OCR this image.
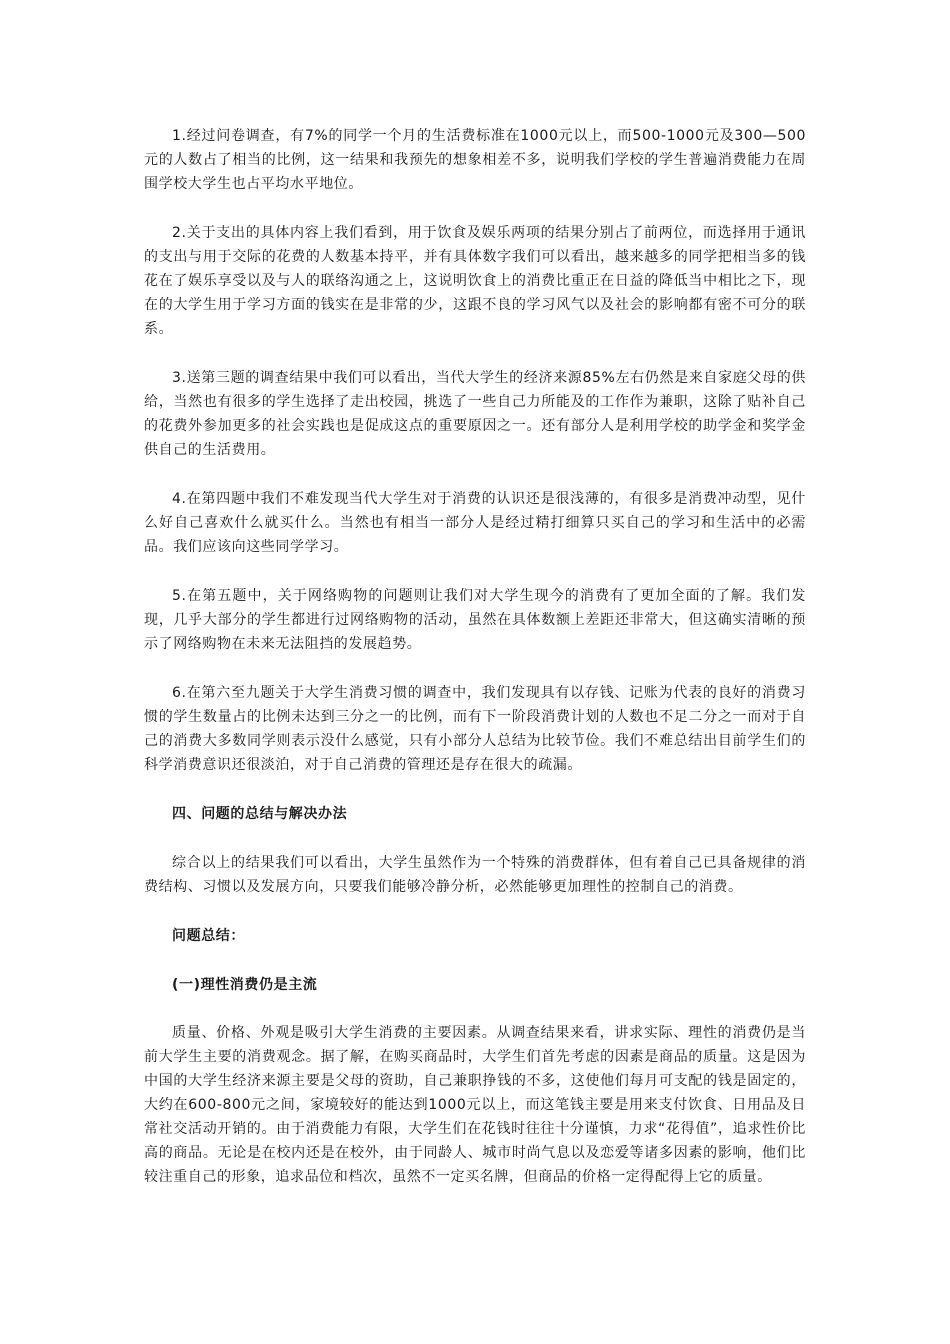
1.经过问卷调查，有7%的同学一个月的生活费标准在1000元以上，而500-1000元及300—500元的人数占了相当的比例，这一结果和我预先的想象相差不多，说明我们学校的学生普遍消费能力在周围学校大学生也占平均水平地位。

2.关于支出的具体内容上我们看到，用于饮食及娱乐两项的结果分别占了前两位，而选择用于通讯的支出与用于交际的花费的人数基本持平，并有具体数字我们可以看出，越来越多的同学把相当多的钱花在了娱乐享受以及与人的联络沟通之上，这说明饮食上的消费比重正在日益的降低当中相比之下，现在的大学生用于学习方面的钱实在是非常的少，这跟不良的学习风气以及社会的影响都有密不可分的联系。

3.送第三题的调查结果中我们可以看出，当代大学生的经济来源85%左右仍然是来自家庭父母的供给，当然也有很多的学生选择了走出校园，挑选了一些自己力所能及的工作作为兼职，这除了贴补自己的花费外参加更多的社会实践也是促成这点的重要原因之一。还有部分人是利用学校的助学金和奖学金供自己的生活费用。

4.在第四题中我们不难发现当代大学生对于消费的认识还是很浅薄的，有很多是消费冲动型，见什么好自己喜欢什么就买什么。当然也有相当一部分人是经过精打细算只买自己的学习和生活中的必需品。我们应该向这些同学学习。

5.在第五题中，关于网络购物的问题则让我们对大学生现今的消费有了更加全面的了解。我们发现，几乎大部分的学生都进行过网络购物的活动，虽然在具体数额上差距还非常大，但这确实清晰的预示了网络购物在未来无法阻挡的发展趋势。

6.在第六至九题关于大学生消费习惯的调查中，我们发现具有以存钱、记账为代表的良好的消费习惯的学生数量占的比例未达到三分之一的比例，而有下一阶段消费计划的人数也不足二分之一而对于自己的消费大多数同学则表示没什么感觉，只有小部分人总结为比较节俭。我们不难总结出目前学生们的科学消费意识还很淡泊，对于自己消费的管理还是存在很大的疏漏。

四、问题的总结与解决办法

综合以上的结果我们可以看出，大学生虽然作为一个特殊的消费群体，但有着自己已具备规律的消费结构、习惯以及发展方向，只要我们能够冷静分析，必然能够更加理性的控制自己的消费。

问题总结：

(一)理性消费仍是主流

质量、价格、外观是吸引大学生消费的主要因素。从调查结果来看，讲求实际、理性的消费仍是当前大学生主要的消费观念。据了解，在购买商品时，大学生们首先考虑的因素是商品的质量。这是因为中国的大学生经济来源主要是父母的资助，自己兼职挣钱的不多，这使他们每月可支配的钱是固定的，大约在600-800元之间，家境较好的能达到1000元以上，而这笔钱主要是用来支付饮食、日用品及日常社交活动开销的。由于消费能力有限，大学生们在花钱时往往十分谨慎，力求“花得值”，追求性价比高的商品。无论是在校内还是在校外，由于同龄人、城市时尚气息以及恋爱等诸多因素的影响，他们比较注重自己的形象，追求品位和档次，虽然不一定买名牌，但商品的价格一定得配得上它的质量。
